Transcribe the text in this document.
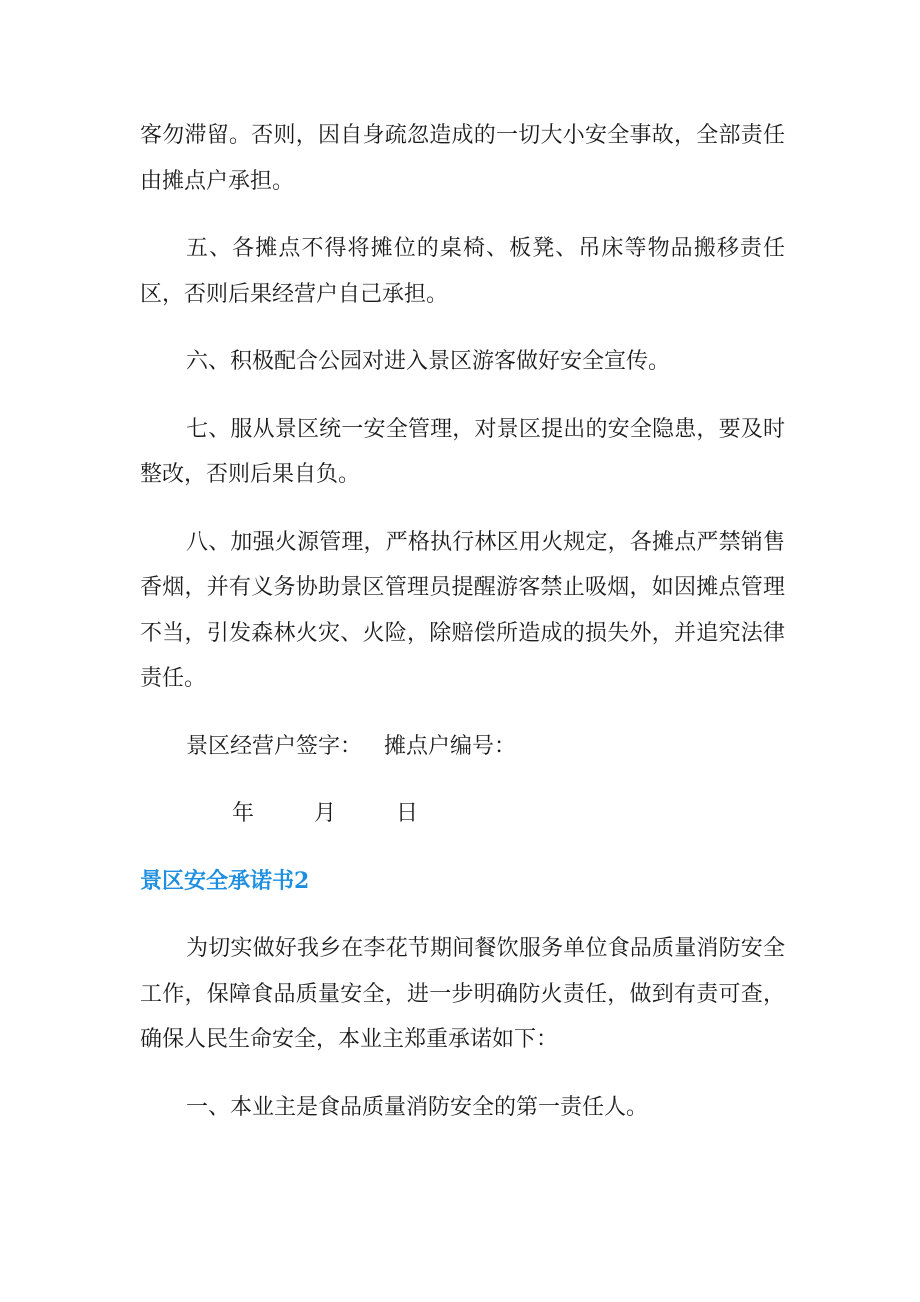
客勿滞留。否则，因自身疏忽造成的一切大小安全事故，全部责任由摊点户承担。

五、各摊点不得将摊位的桌椅、板凳、吊床等物品搬移责任区，否则后果经营户自己承担。

六、积极配合公园对进入景区游客做好安全宣传。

七、服从景区统一安全管理，对景区提出的安全隐患，要及时整改，否则后果自负。

八、加强火源管理，严格执行林区用火规定，各摊点严禁销售香烟，并有义务协助景区管理员提醒游客禁止吸烟，如因摊点管理不当，引发森林火灾、火险，除赔偿所造成的损失外，并追究法律责任。

景区经营户签字： 摊点户编号：

年	月	日

景区安全承诺书2

为切实做好我乡在李花节期间餐饮服务单位食品质量消防安全工作，保障食品质量安全，进一步明确防火责任，做到有责可查，确保人民生命安全，本业主郑重承诺如下：

一、本业主是食品质量消防安全的第一责任人。
